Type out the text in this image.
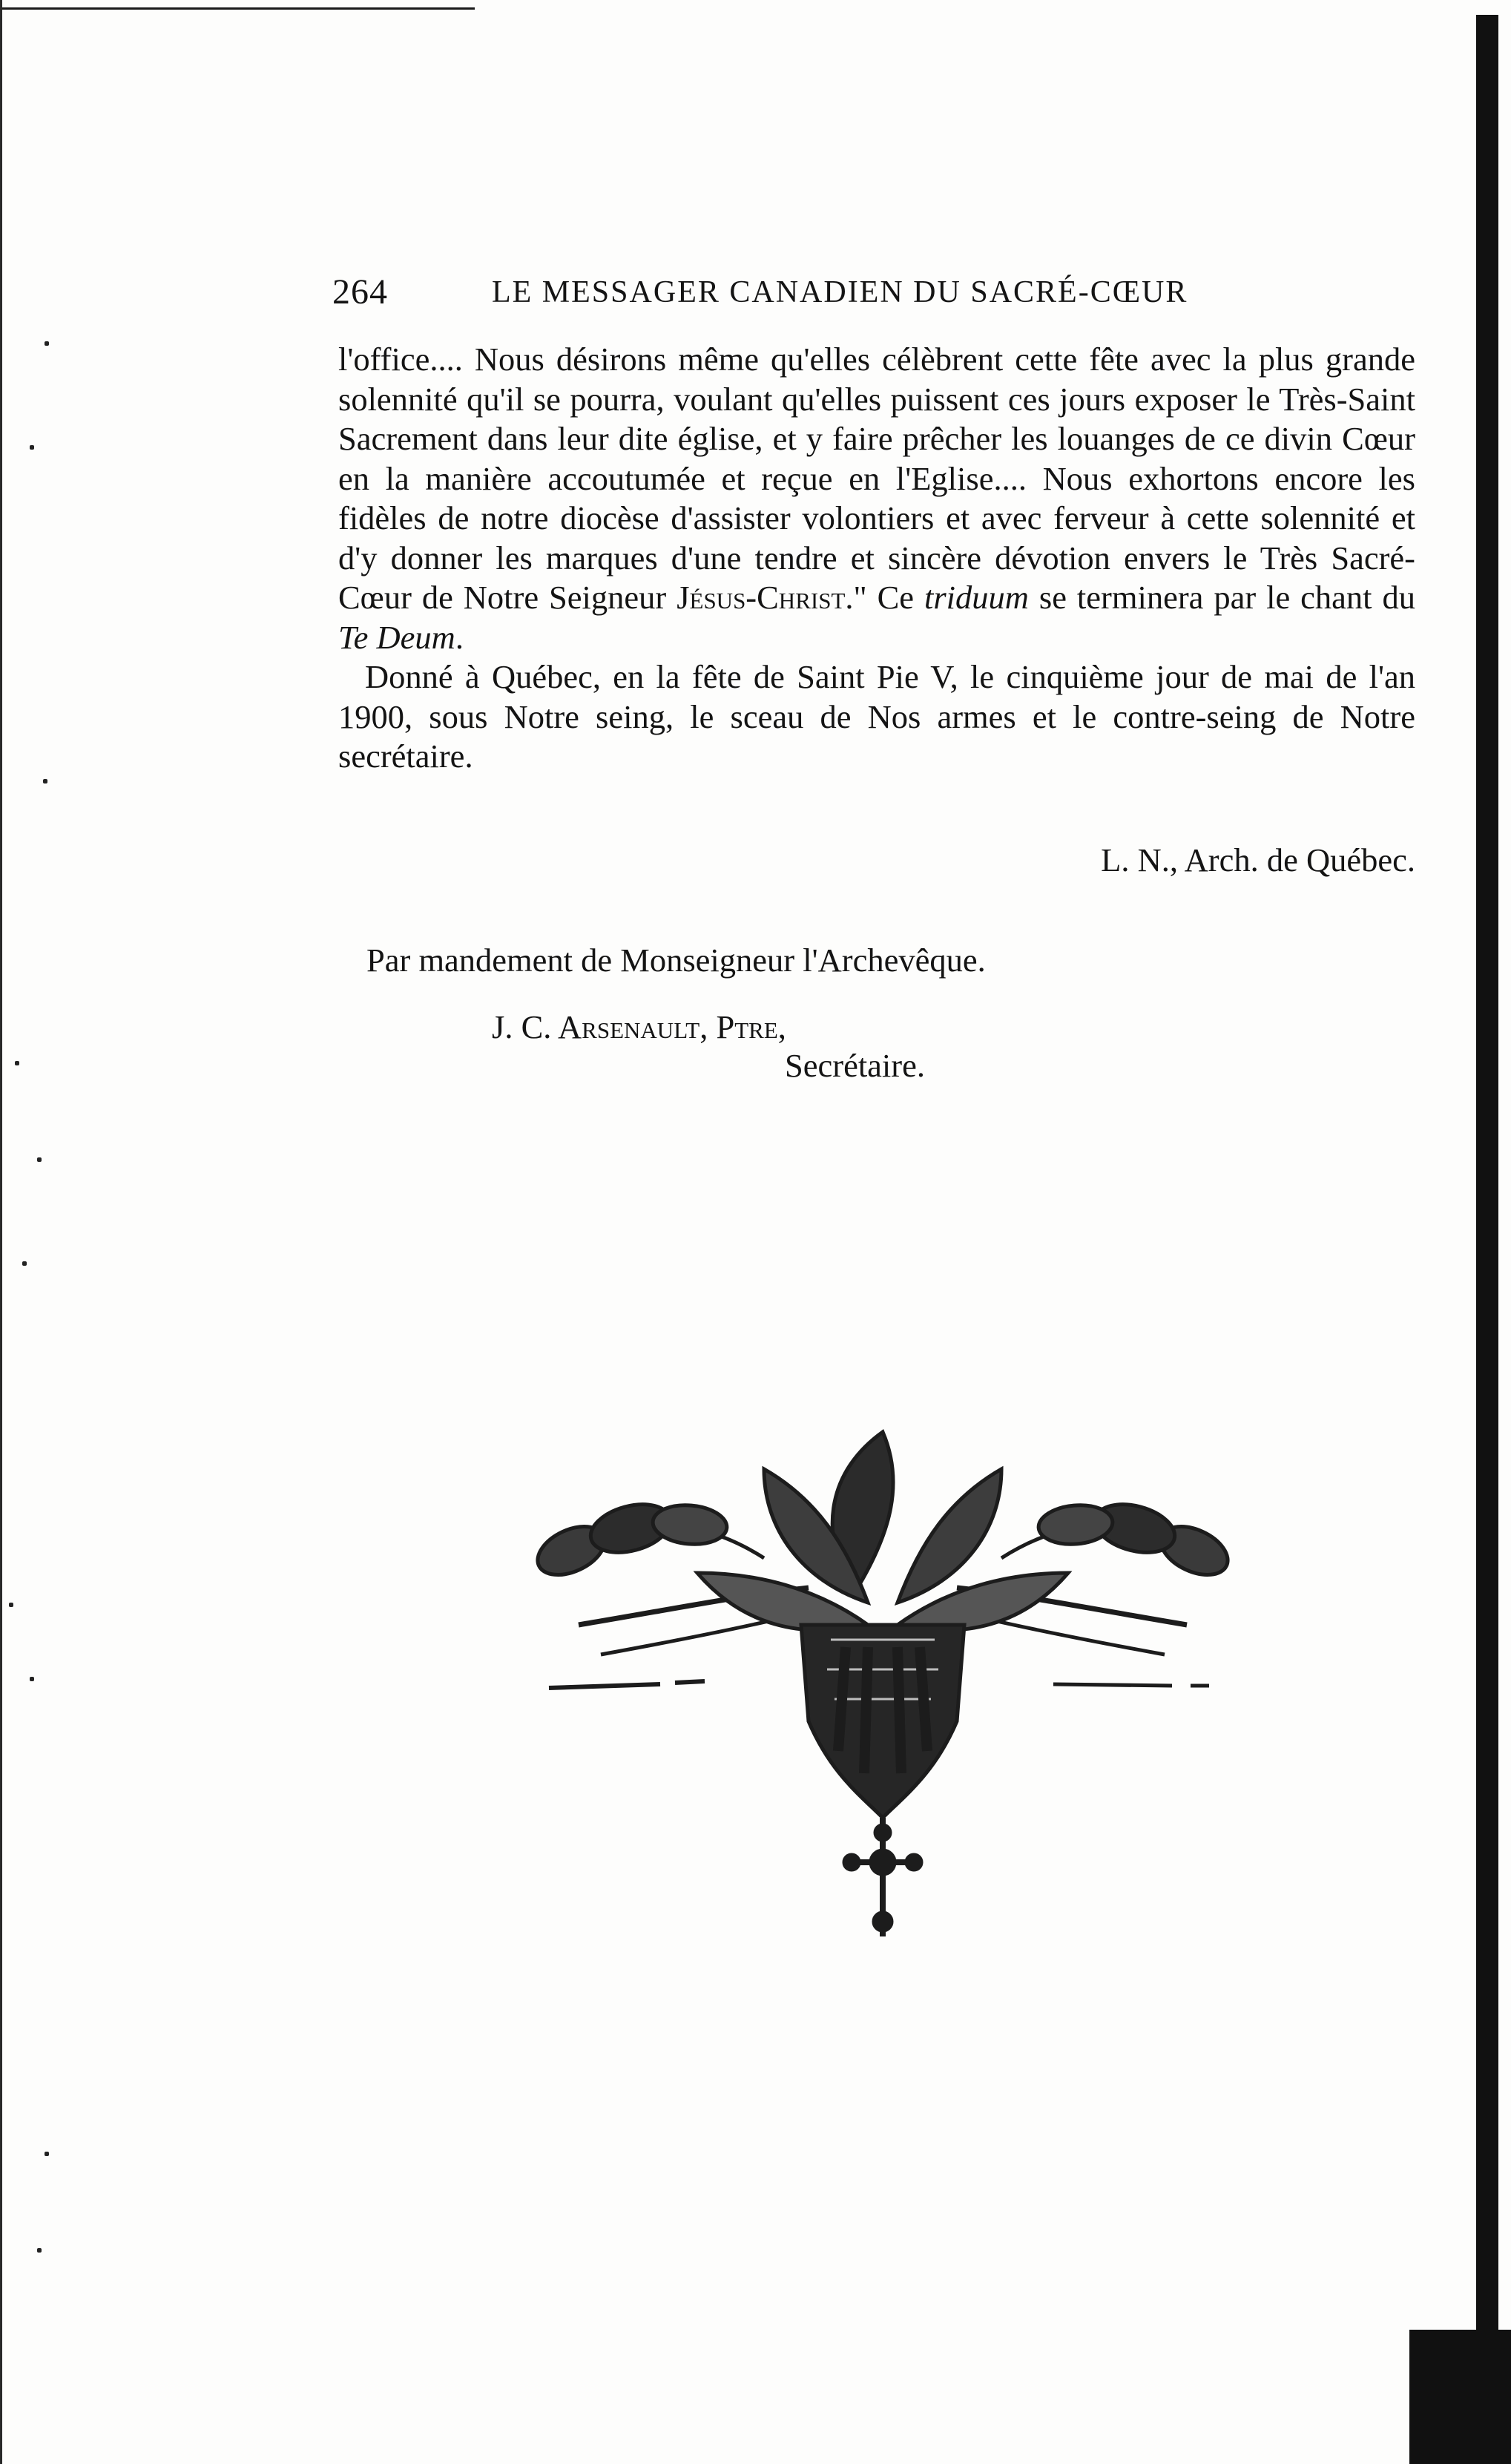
264	LE MESSAGER CANADIEN DU SACRÉ-CŒUR

l'office.... Nous désirons même qu'elles célèbrent cette fête avec la plus grande solennité qu'il se pourra, voulant qu'elles puissent ces jours exposer le Très-Saint Sacrement dans leur dite église, et y faire prêcher les louanges de ce divin Cœur en la manière accoutumée et reçue en l'Eglise.... Nous exhortons encore les fidèles de notre diocèse d'assister volontiers et avec ferveur à cette solennité et d'y donner les marques d'une tendre et sincère dévotion envers le Très Sacré-Cœur de Notre Seigneur Jésus-Christ." Ce triduum se terminera par le chant du Te Deum.

Donné à Québec, en la fête de Saint Pie V, le cinquième jour de mai de l'an 1900, sous Notre seing, le sceau de Nos armes et le contre-seing de Notre secrétaire.

L. N., Arch. de Québec.
Par mandement de Monseigneur l'Archevêque.
J. C. Arsenault, Ptre,
Secrétaire.
